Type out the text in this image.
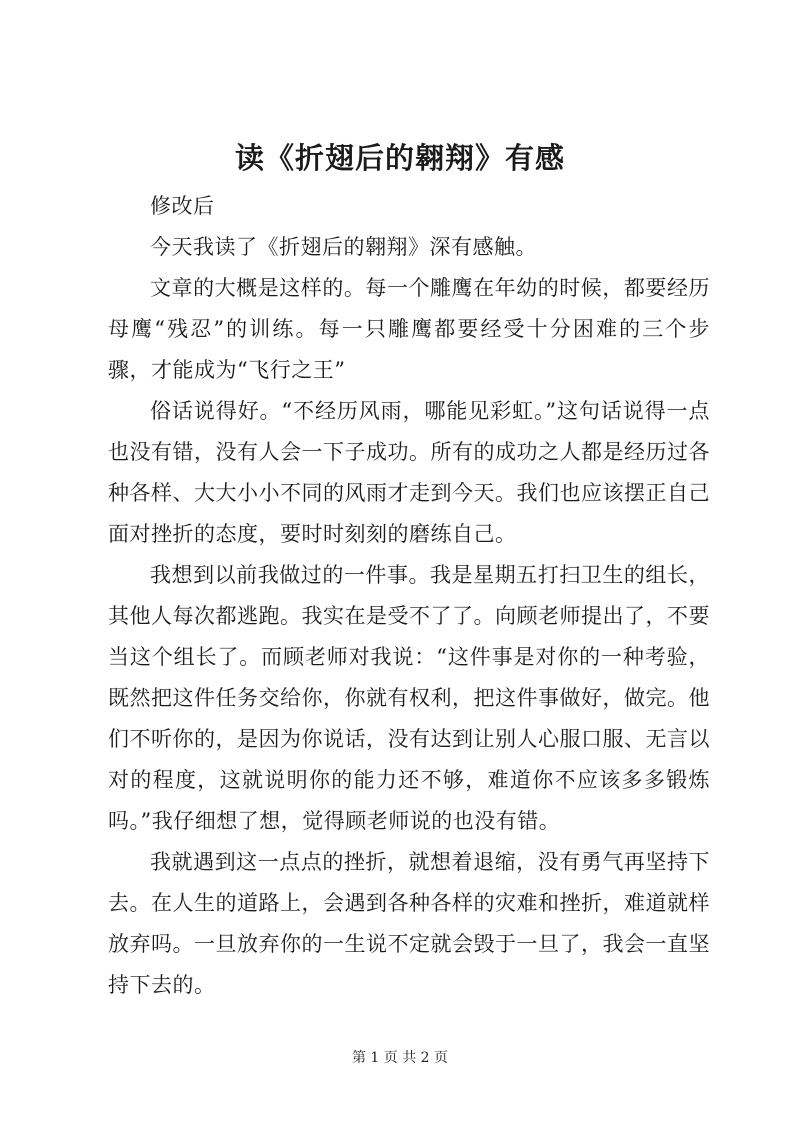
读《折翅后的翱翔》有感

修改后

今天我读了《折翅后的翱翔》深有感触。

文章的大概是这样的。每一个雕鹰在年幼的时候，都要经历母鹰“残忍”的训练。每一只雕鹰都要经受十分困难的三个步骤，才能成为“飞行之王”

俗话说得好。“不经历风雨，哪能见彩虹。”这句话说得一点也没有错，没有人会一下子成功。所有的成功之人都是经历过各种各样、大大小小不同的风雨才走到今天。我们也应该摆正自己面对挫折的态度，要时时刻刻的磨练自己。

我想到以前我做过的一件事。我是星期五打扫卫生的组长，其他人每次都逃跑。我实在是受不了了。向顾老师提出了，不要当这个组长了。而顾老师对我说：“这件事是对你的一种考验，既然把这件任务交给你，你就有权利，把这件事做好，做完。他们不听你的，是因为你说话，没有达到让别人心服口服、无言以对的程度，这就说明你的能力还不够，难道你不应该多多锻炼吗。”我仔细想了想，觉得顾老师说的也没有错。

我就遇到这一点点的挫折，就想着退缩，没有勇气再坚持下去。在人生的道路上，会遇到各种各样的灾难和挫折，难道就样放弃吗。一旦放弃你的一生说不定就会毁于一旦了，我会一直坚持下去的。

第 1 页 共 2 页
